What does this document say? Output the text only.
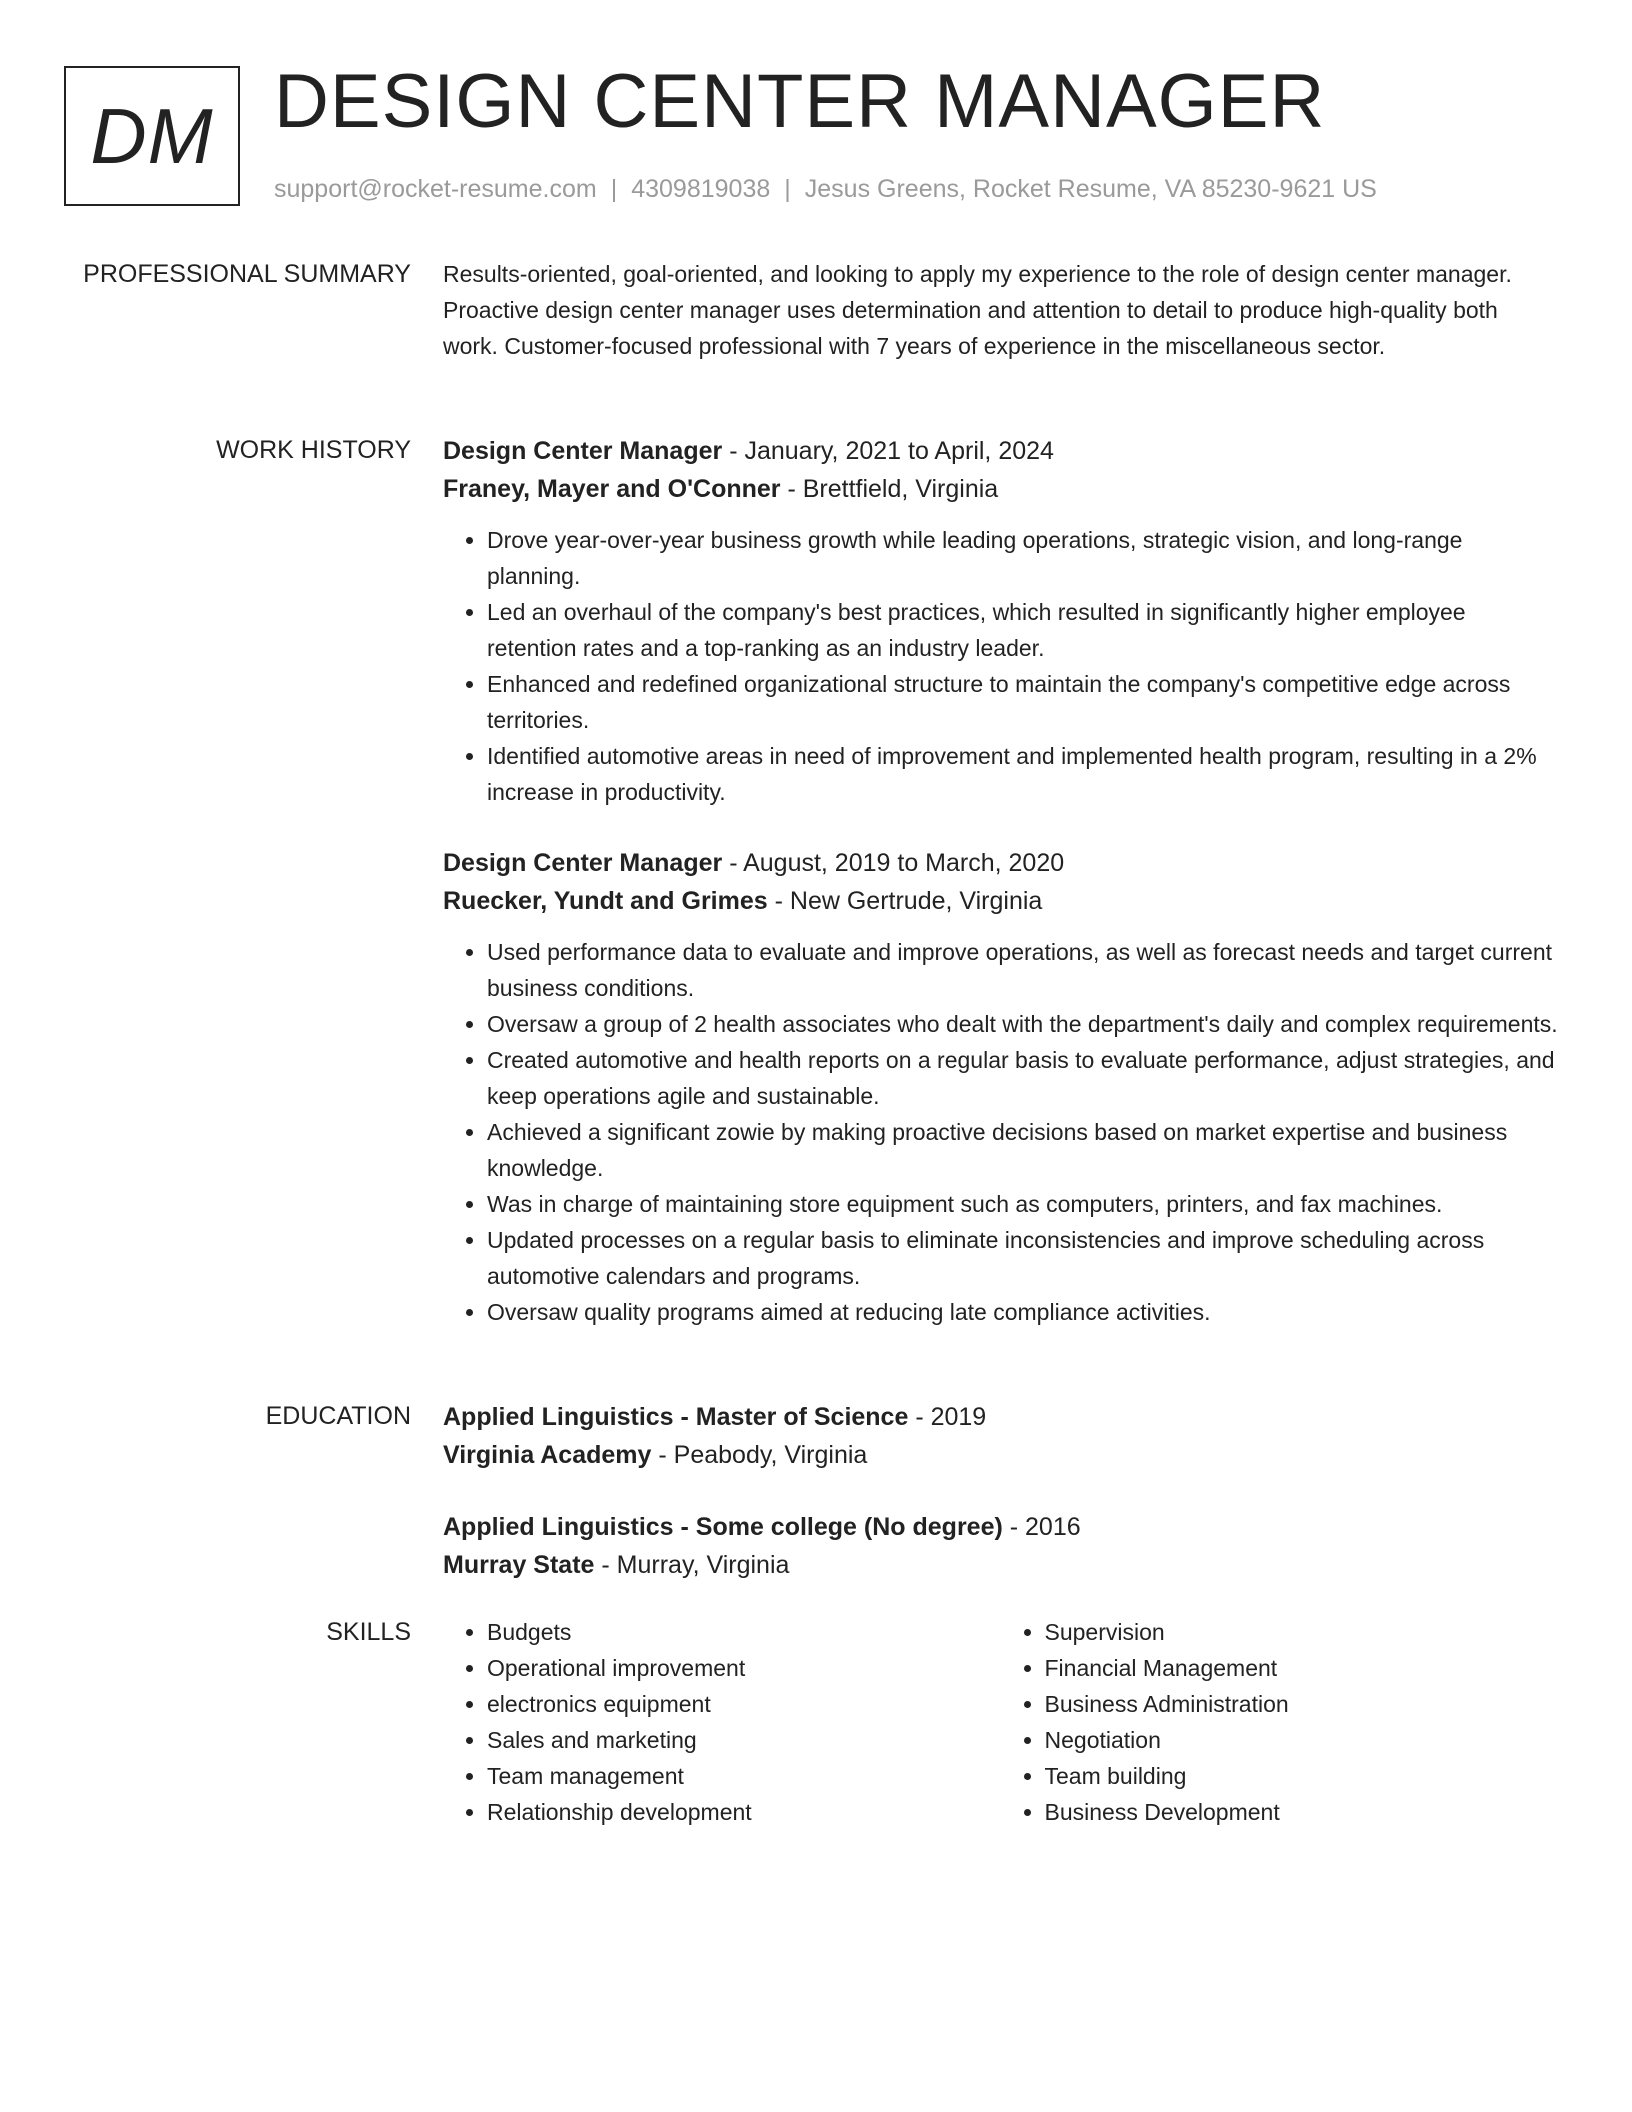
DM DESIGN CENTER MANAGER
support@rocket-resume.com | 4309819038 | Jesus Greens, Rocket Resume, VA 85230-9621 US
PROFESSIONAL SUMMARY Results-oriented, goal-oriented, and looking to apply my experience to the role of design center manager. Proactive design center manager uses determination and attention to detail to produce high-quality both work. Customer-focused professional with 7 years of experience in the miscellaneous sector.

WORK HISTORY Design Center Manager - January, 2021 to April, 2024
Franey, Mayer and O'Conner - Brettfield, Virginia
• Drove year-over-year business growth while leading operations, strategic vision, and long-range planning.
• Led an overhaul of the company's best practices, which resulted in significantly higher employee retention rates and a top-ranking as an industry leader.
• Enhanced and redefined organizational structure to maintain the company's competitive edge across territories.
• Identified automotive areas in need of improvement and implemented health program, resulting in a 2% increase in productivity.
Design Center Manager - August, 2019 to March, 2020
Ruecker, Yundt and Grimes - New Gertrude, Virginia
• Used performance data to evaluate and improve operations, as well as forecast needs and target current business conditions.
• Oversaw a group of 2 health associates who dealt with the department's daily and complex requirements.
• Created automotive and health reports on a regular basis to evaluate performance, adjust strategies, and keep operations agile and sustainable.
• Achieved a significant zowie by making proactive decisions based on market expertise and business knowledge.
• Was in charge of maintaining store equipment such as computers, printers, and fax machines.
• Updated processes on a regular basis to eliminate inconsistencies and improve scheduling across automotive calendars and programs.
• Oversaw quality programs aimed at reducing late compliance activities.
EDUCATION Applied Linguistics - Master of Science - 2019
Virginia Academy - Peabody, Virginia
Applied Linguistics - Some college (No degree) - 2016
Murray State - Murray, Virginia
SKILLS
•	Budgets
• Operational improvement
• electronics equipment
• Sales and marketing
• Team management
• Relationship development
• Supervision
• Financial Management
• Business Administration
• Negotiation
• Team building
• Business Development
